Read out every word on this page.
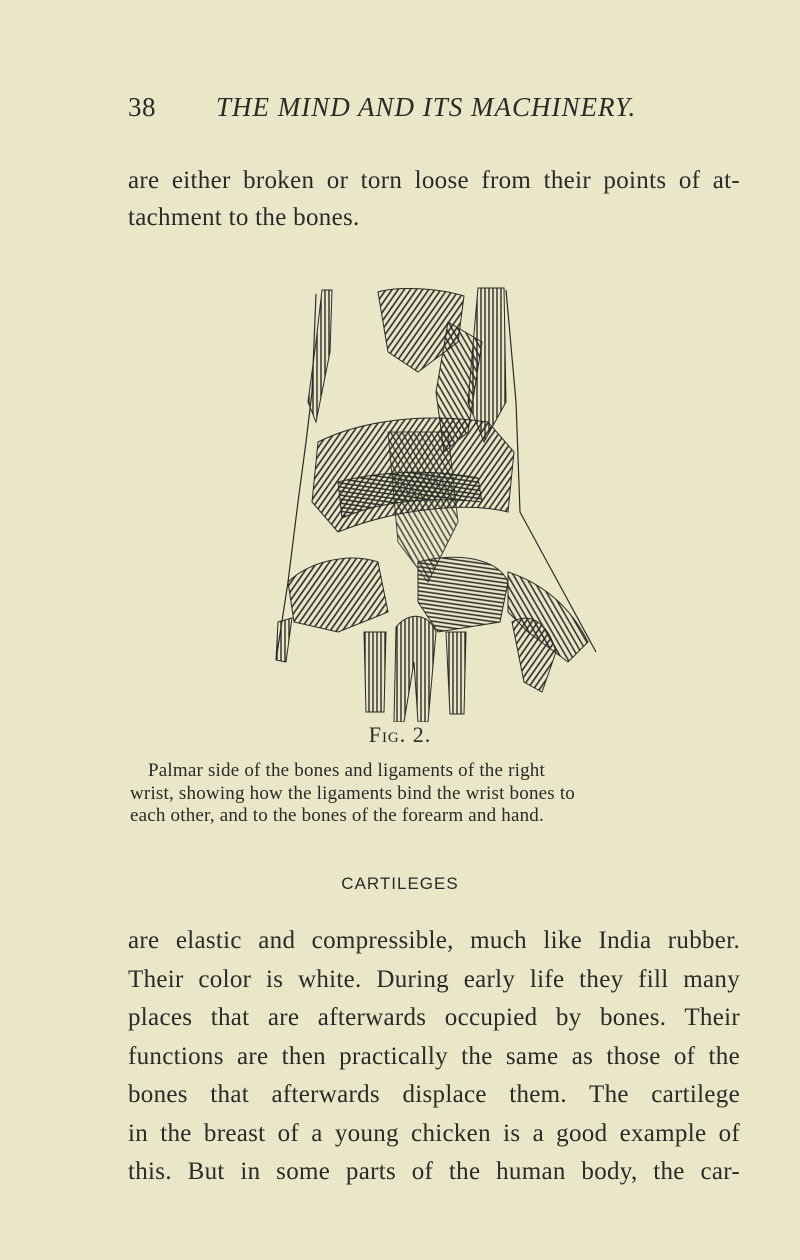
38 THE MIND AND ITS MACHINERY.
are either broken or torn loose from their points of at-
tachment to the bones.
Fig. 2.
Palmar side of the bones and ligaments of the right
wrist, showing how the ligaments bind the wrist bones to
each other, and to the bones of the forearm and hand.
CARTILEGES
are elastic and compressible, much like India rubber.
Their color is white. During early life they fill many
places that are afterwards occupied by bones. Their
functions are then practically the same as those of the
bones that afterwards displace them. The cartilege
in the breast of a young chicken is a good example of
this. But in some parts of the human body, the car-
